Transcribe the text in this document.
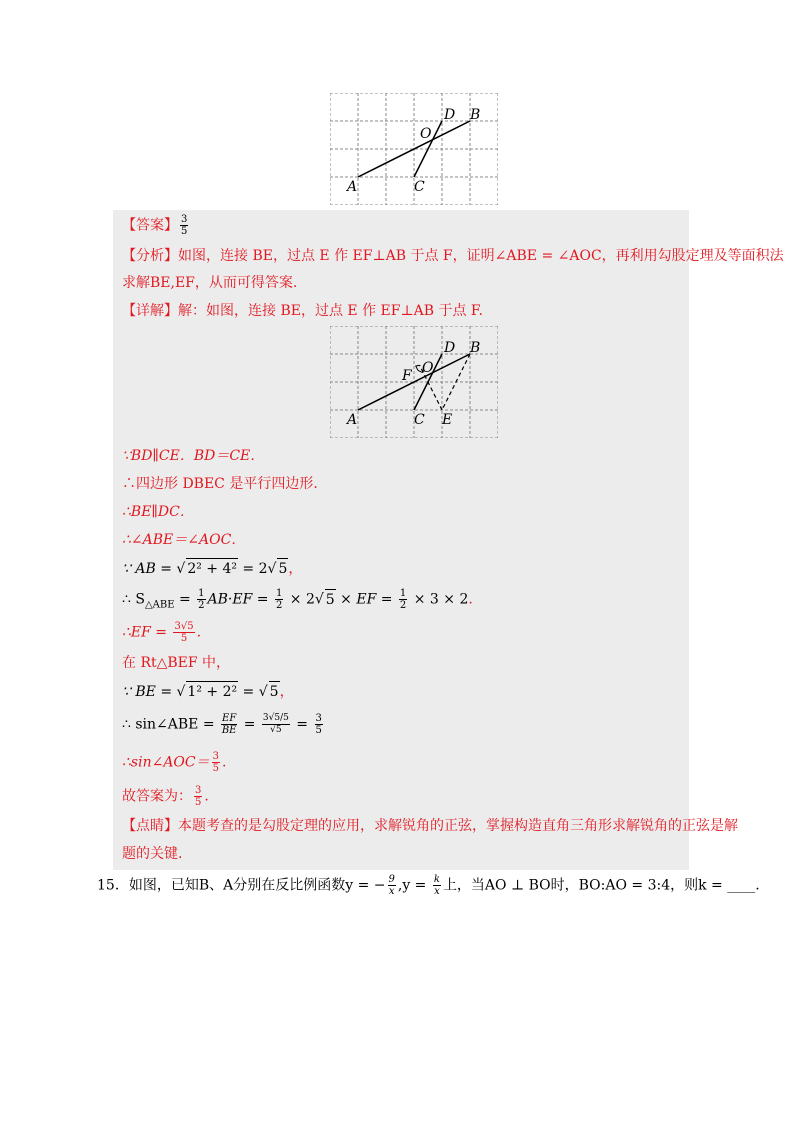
A	C
D B
O
【答案】 $\frac{3}{5}$
【分析】如图，连接 BE，过点 E 作 EF⊥AB 于点 F，证明∠ABE = ∠AOC，再利用勾股定理及等面积法
求解BE,EF，从而可得答案.
【详解】解：如图，连接 BE，过点 E 作 EF⊥AB 于点 F.
A	C E
D B
O
F
∵BD∥CE．BD＝CE．
∴四边形 DBEC 是平行四边形.
∴BE∥DC．
∴∠ABE＝∠AOC．
∵ AB = √ 2² + 4² = 2√ 5，
∴ $S_{\triangle ABE} = \frac{1}{2} AB\cdot EF = \frac{1}{2} \times 2√$ 5 × EF = $\frac{1}{2} \times 3 \times 2$.
∴EF = $\frac{3√5}{5}$ .
在 Rt△BEF 中，
∵ BE = √ 1² + 2² = √ 5，
∴ sin∠ABE = $\frac{EF}{BE} = \frac{3√5/5}{√5} = \frac{3}{5}$
∴sin∠AOC＝ $\frac{3}{5}$ .
故答案为： $\frac{3}{5}$ .
【点睛】本题考查的是勾股定理的应用，求解锐角的正弦，掌握构造直角三角形求解锐角的正弦是解
题的关键.
15．如图，已知B、A分别在反比例函数y = − $\frac{9}{x} ,y = \frac{k}{x}$ 上，当AO ⊥ BO时，BO:AO = 3:4，则k = ____.
